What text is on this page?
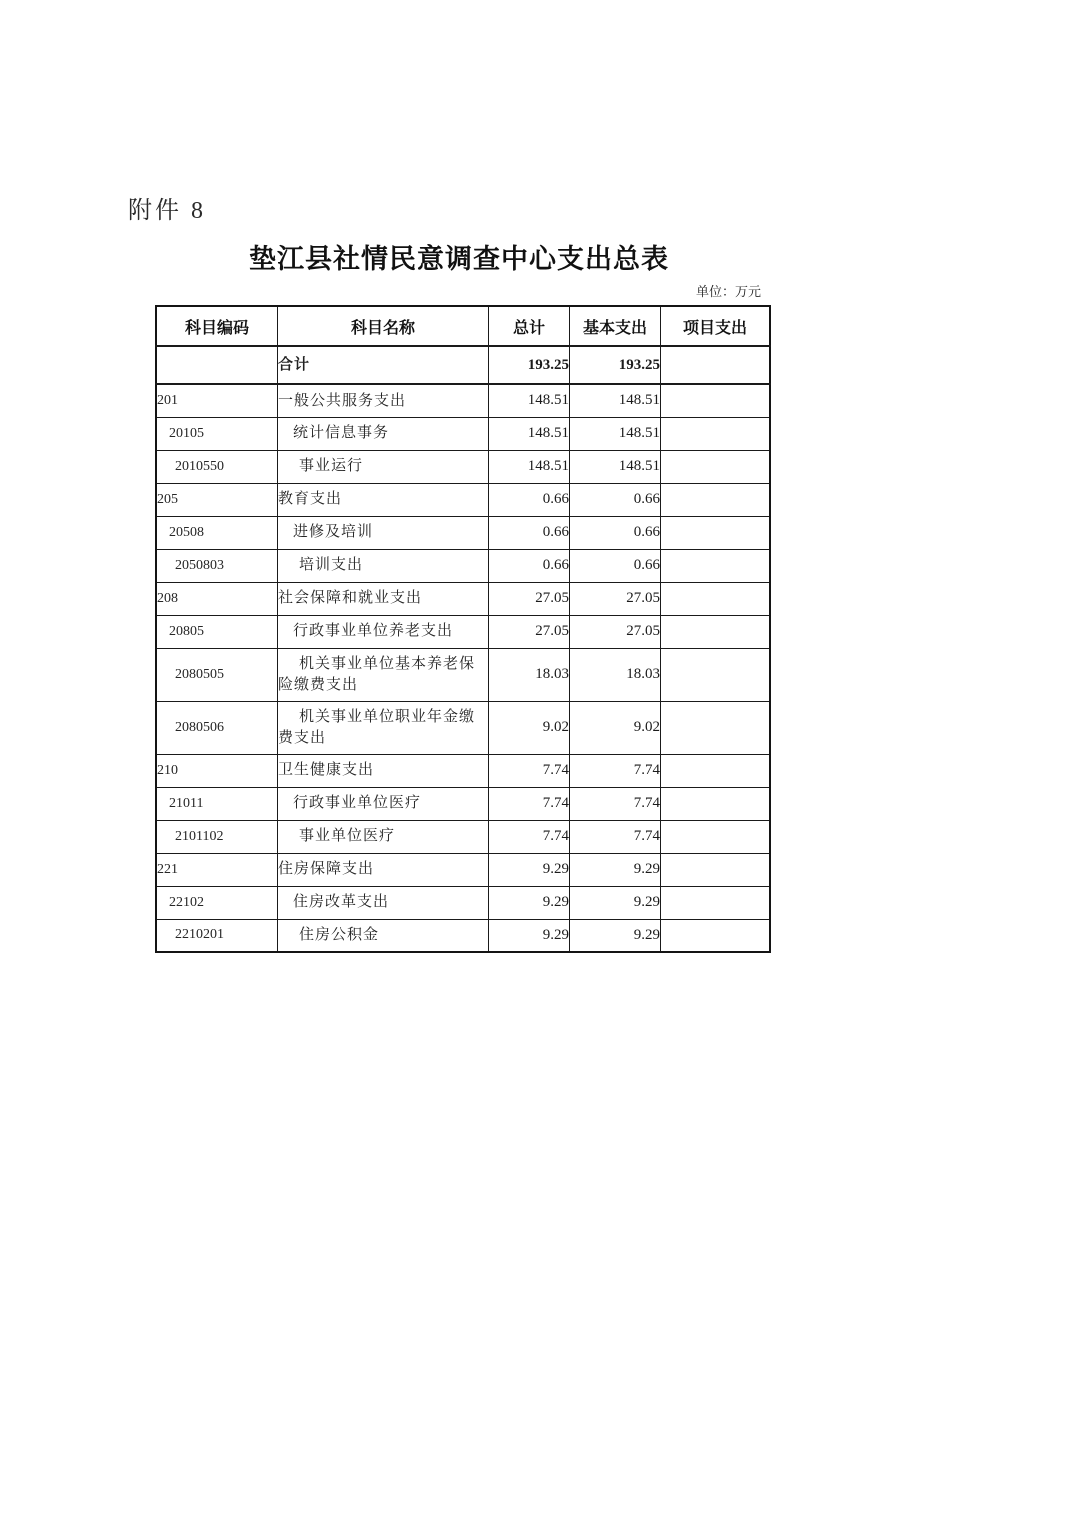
附件 8
垫江县社情民意调查中心支出总表
单位：万元
科目编码	科目名称	总计	基本支出	项目支出
	合计	193.25	193.25	
201	一般公共服务支出	148.51	148.51	
20105	统计信息事务	148.51	148.51	
2010550	事业运行	148.51	148.51	
205	教育支出	0.66	0.66	
20508	进修及培训	0.66	0.66	
2050803	培训支出	0.66	0.66	
208	社会保障和就业支出	27.05	27.05	
20805	行政事业单位养老支出	27.05	27.05	
2080505	机关事业单位基本养老保险缴费支出	18.03	18.03	
2080506	机关事业单位职业年金缴费支出	9.02	9.02	
210	卫生健康支出	7.74	7.74	
21011	行政事业单位医疗	7.74	7.74	
2101102	事业单位医疗	7.74	7.74	
221	住房保障支出	9.29	9.29	
22102	住房改革支出	9.29	9.29	
2210201	住房公积金	9.29	9.29	
